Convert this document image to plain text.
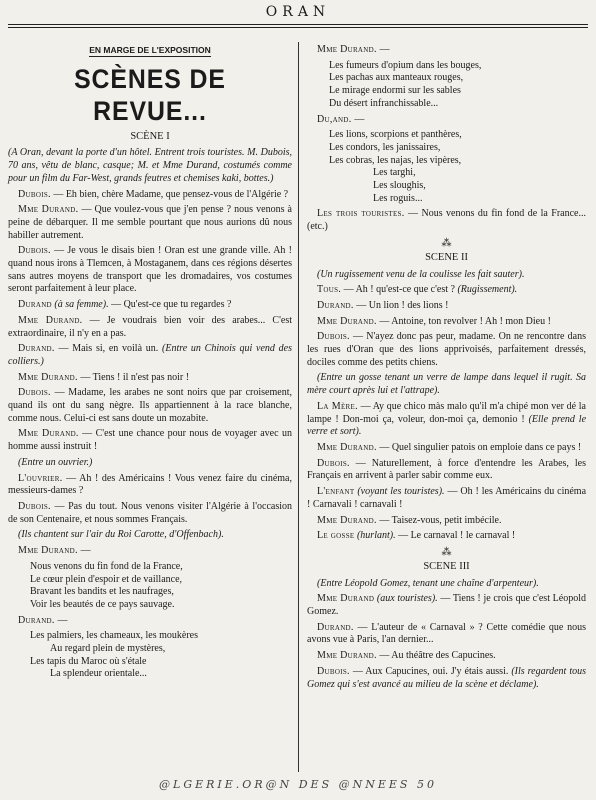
ORAN

EN MARGE DE L'EXPOSITION

SCÈNES DE REVUE...

SCÈNE I

(A Oran, devant la porte d'un hôtel. Entrent trois touristes. M. Dubois, 70 ans, vêtu de blanc, casque; M. et Mme Durand, costumés comme pour un film du Far-West, grands feutres et chemises kaki, bottes.)

Dubois. — Eh bien, chère Madame, que pensez-vous de l'Algérie ?

Mme Durand. — Que voulez-vous que j'en pense ? nous venons à peine de débarquer. Il me semble pourtant que nous aurions dû nous habiller autrement.

Dubois. — Je vous le disais bien ! Oran est une grande ville. Ah ! quand nous irons à Tlemcen, à Mostaganem, dans ces régions désertes sans autres moyens de transport que les dromadaires, vos costumes seront parfaitement à leur place.

Durand (à sa femme). — Qu'est-ce que tu regardes ?

Mme Durand. — Je voudrais bien voir des arabes... C'est extraordinaire, il n'y en a pas.

Durand. — Mais si, en voilà un. (Entre un Chinois qui vend des colliers.)

Mme Durand. — Tiens ! il n'est pas noir !

Dubois. — Madame, les arabes ne sont noirs que par croisement, quand ils ont du sang nègre. Ils appartiennent à la race blanche, comme nous. Celui-ci est sans doute un mozabite.

Mme Durand. — C'est une chance pour nous de voyager avec un homme aussi instruit !

(Entre un ouvrier.)

L'ouvrier. — Ah ! des Américains ! Vous venez faire du cinéma, messieurs-dames ?

Dubois. — Pas du tout. Nous venons visiter l'Algérie à l'occasion de son Centenaire, et nous sommes Français.

(Ils chantent sur l'air du Roi Carotte, d'Offenbach).

Mme Durand. —

Nous venons du fin fond de la France,
Le cœur plein d'espoir et de vaillance,
Bravant les bandits et les naufrages,
Voir les beautés de ce pays sauvage.

Durand. —

Les palmiers, les chameaux, les moukères
Au regard plein de mystères,
Les tapis du Maroc où s'étale
La splendeur orientale...

Mme Durand. —

Les fumeurs d'opium dans les bouges,
Les pachas aux manteaux rouges,
Le mirage endormi sur les sables
Du désert infranchissable...

Du,and. —

Les lions, scorpions et panthères,
Les condors, les janissaires,
Les cobras, les najas, les vipères,
Les targhi,
Les sloughis,
Les roguis...

Les trois touristes. — Nous venons du fin fond de la France... (etc.)

⁂

SCENE II

(Un rugissement venu de la coulisse les fait sauter).

Tous. — Ah ! qu'est-ce que c'est ? (Rugissement).

Durand. — Un lion ! des lions !

Mme Durand. — Antoine, ton revolver ! Ah ! mon Dieu !

Dubois. — N'ayez donc pas peur, madame. On ne rencontre dans les rues d'Oran que des lions apprivoisés, parfaitement dressés, dociles comme des petits chiens.

(Entre un gosse tenant un verre de lampe dans lequel il rugit. Sa mère court après lui et l'attrape).

La Mère. — Ay que chico màs malo qu'il m'a chipé mon ver dé la lampe ! Don-moi ça, voleur, don-moi ça, demonio ! (Elle prend le verre et sort).

Mme Durand. — Quel singulier patois on emploie dans ce pays !

Dubois. — Naturellement, à force d'entendre les Arabes, les Français en arrivent à parler sabir comme eux.

L'enfant (voyant les touristes). — Oh ! les Américains du cinéma ! Carnavali ! carnavali !

Mme Durand. — Taisez-vous, petit imbécile.

Le gosse (hurlant). — Le carnaval ! le carnaval !

⁂

SCENE III

(Entre Léopold Gomez, tenant une chaîne d'arpenteur).

Mme Durand (aux touristes). — Tiens ! je crois que c'est Léopold Gomez.

Durand. — L'auteur de « Carnaval » ? Cette comédie que nous avons vue à Paris, l'an dernier...

Mme Durand. — Au théâtre des Capucines.

Dubois. — Aux Capucines, oui. J'y étais aussi. (Ils regardent tous Gomez qui s'est avancé au milieu de la scène et déclame).

@LGERIE.OR@N DES @NNEES 50
